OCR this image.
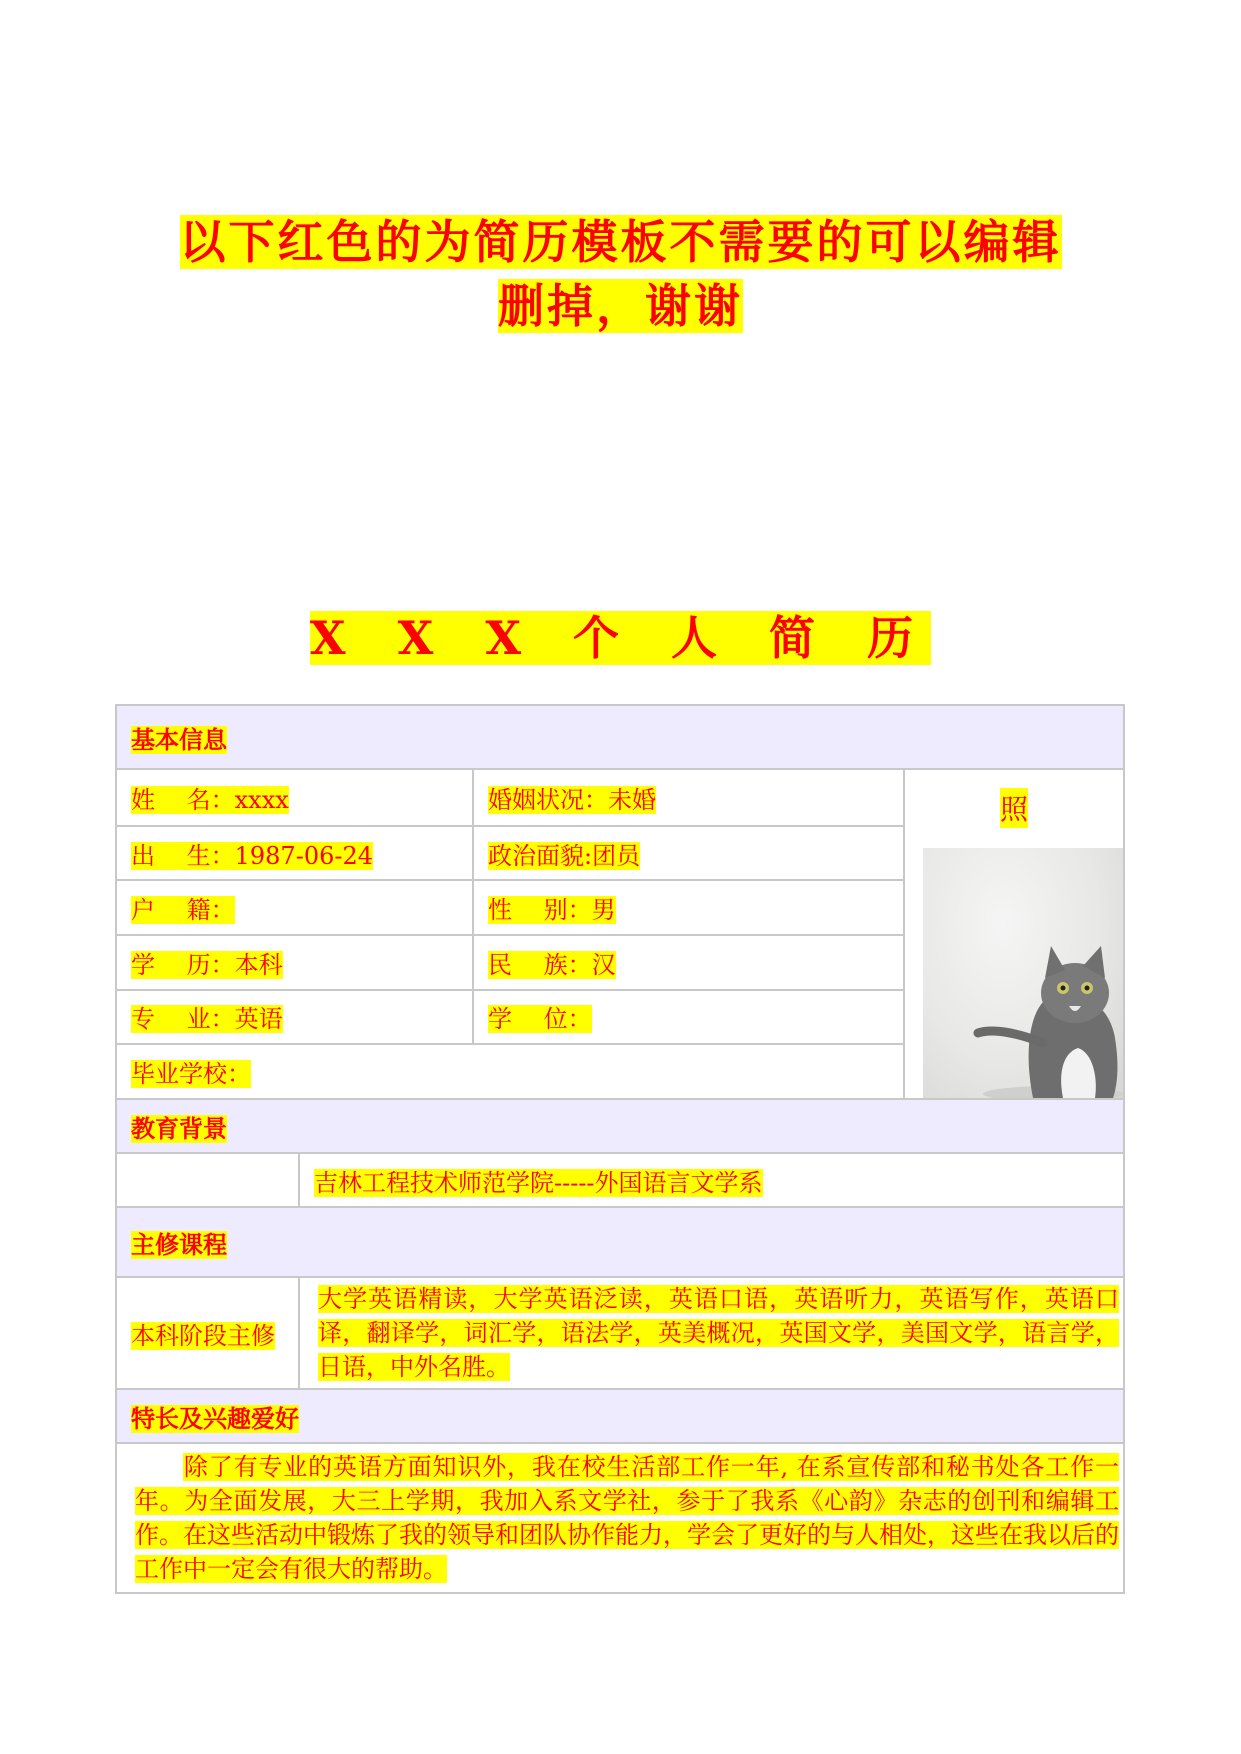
以下红色的为简历模板不需要的可以编辑
删掉，谢谢
X X X 个 人 简 历
基本信息			
姓　 名：xxxx		婚姻状况：未婚	照

出　 生：1987-06-24		政治面貌:团员	
户　 籍：		性　 别：男	
学　 历：本科		民　 族：汉	
专　 业：英语		学　 位：	
毕业学校：			
教育背景			
	吉林工程技术师范学院-----外国语言文学系		
主修课程			
本科阶段主修	大学英语精读，大学英语泛读，英语口语，英语听力，英语写作，英语口译，翻译学，词汇学，语法学，英美概况，英国文学，美国文学，语言学，日语，中外名胜。		
特长及兴趣爱好			
除了有专业的英语方面知识外，我在校生活部工作一年, 在系宣传部和秘书处各工作一年。为全面发展，大三上学期，我加入系文学社，参于了我系《心韵》杂志的创刊和编辑工作。在这些活动中锻炼了我的领导和团队协作能力，学会了更好的与人相处，这些在我以后的工作中一定会有很大的帮助。			
